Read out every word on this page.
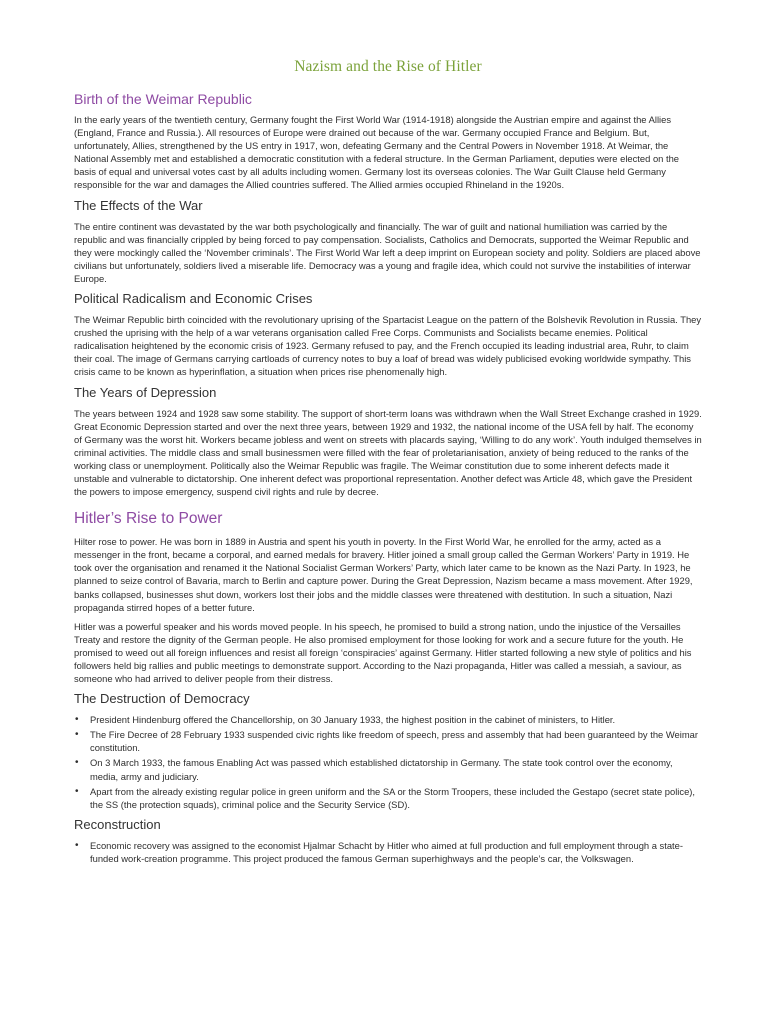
Nazism and the Rise of Hitler
Birth of the Weimar Republic

In the early years of the twentieth century, Germany fought the First World War (1914-1918) alongside the Austrian empire and against the Allies (England, France and Russia.). All resources of Europe were drained out because of the war. Germany occupied France and Belgium. But, unfortunately, Allies, strengthened by the US entry in 1917, won, defeating Germany and the Central Powers in November 1918. At Weimar, the National Assembly met and established a democratic constitution with a federal structure. In the German Parliament, deputies were elected on the basis of equal and universal votes cast by all adults including women. Germany lost its overseas colonies. The War Guilt Clause held Germany responsible for the war and damages the Allied countries suffered. The Allied armies occupied Rhineland in the 1920s.

The Effects of the War

The entire continent was devastated by the war both psychologically and financially. The war of guilt and national humiliation was carried by the republic and was financially crippled by being forced to pay compensation. Socialists, Catholics and Democrats, supported the Weimar Republic and they were mockingly called the ‘November criminals’. The First World War left a deep imprint on European society and polity. Soldiers are placed above civilians but unfortunately, soldiers lived a miserable life. Democracy was a young and fragile idea, which could not survive the instabilities of interwar Europe.

Political Radicalism and Economic Crises

The Weimar Republic birth coincided with the revolutionary uprising of the Spartacist League on the pattern of the Bolshevik Revolution in Russia. They crushed the uprising with the help of a war veterans organisation called Free Corps. Communists and Socialists became enemies. Political radicalisation heightened by the economic crisis of 1923. Germany refused to pay, and the French occupied its leading industrial area, Ruhr, to claim their coal. The image of Germans carrying cartloads of currency notes to buy a loaf of bread was widely publicised evoking worldwide sympathy. This crisis came to be known as hyperinflation, a situation when prices rise phenomenally high.

The Years of Depression

The years between 1924 and 1928 saw some stability. The support of short-term loans was withdrawn when the Wall Street Exchange crashed in 1929. Great Economic Depression started and over the next three years, between 1929 and 1932, the national income of the USA fell by half. The economy of Germany was the worst hit. Workers became jobless and went on streets with placards saying, ‘Willing to do any work’. Youth indulged themselves in criminal activities. The middle class and small businessmen were filled with the fear of proletarianisation, anxiety of being reduced to the ranks of the working class or unemployment. Politically also the Weimar Republic was fragile. The Weimar constitution due to some inherent defects made it unstable and vulnerable to dictatorship. One inherent defect was proportional representation. Another defect was Article 48, which gave the President the powers to impose emergency, suspend civil rights and rule by decree.

Hitler’s Rise to Power

Hilter rose to power. He was born in 1889 in Austria and spent his youth in poverty. In the First World War, he enrolled for the army, acted as a messenger in the front, became a corporal, and earned medals for bravery. Hitler joined a small group called the German Workers’ Party in 1919. He took over the organisation and renamed it the National Socialist German Workers’ Party, which later came to be known as the Nazi Party. In 1923, he planned to seize control of Bavaria, march to Berlin and capture power. During the Great Depression, Nazism became a mass movement. After 1929, banks collapsed, businesses shut down, workers lost their jobs and the middle classes were threatened with destitution. In such a situation, Nazi propaganda stirred hopes of a better future.

Hitler was a powerful speaker and his words moved people. In his speech, he promised to build a strong nation, undo the injustice of the Versailles Treaty and restore the dignity of the German people. He also promised employment for those looking for work and a secure future for the youth. He promised to weed out all foreign influences and resist all foreign ‘conspiracies’ against Germany. Hitler started following a new style of politics and his followers held big rallies and public meetings to demonstrate support. According to the Nazi propaganda, Hitler was called a messiah, a saviour, as someone who had arrived to deliver people from their distress.

The Destruction of Democracy
• President Hindenburg offered the Chancellorship, on 30 January 1933, the highest position in the cabinet of ministers, to Hitler.
• The Fire Decree of 28 February 1933 suspended civic rights like freedom of speech, press and assembly that had been guaranteed by the Weimar constitution.
• On 3 March 1933, the famous Enabling Act was passed which established dictatorship in Germany. The state took control over the economy, media, army and judiciary.
• Apart from the already existing regular police in green uniform and the SA or the Storm Troopers, these included the Gestapo (secret state police), the SS (the protection squads), criminal police and the Security Service (SD).
Reconstruction
• Economic recovery was assigned to the economist Hjalmar Schacht by Hitler who aimed at full production and full employment through a state-funded work-creation programme. This project produced the famous German superhighways and the people’s car, the Volkswagen.
